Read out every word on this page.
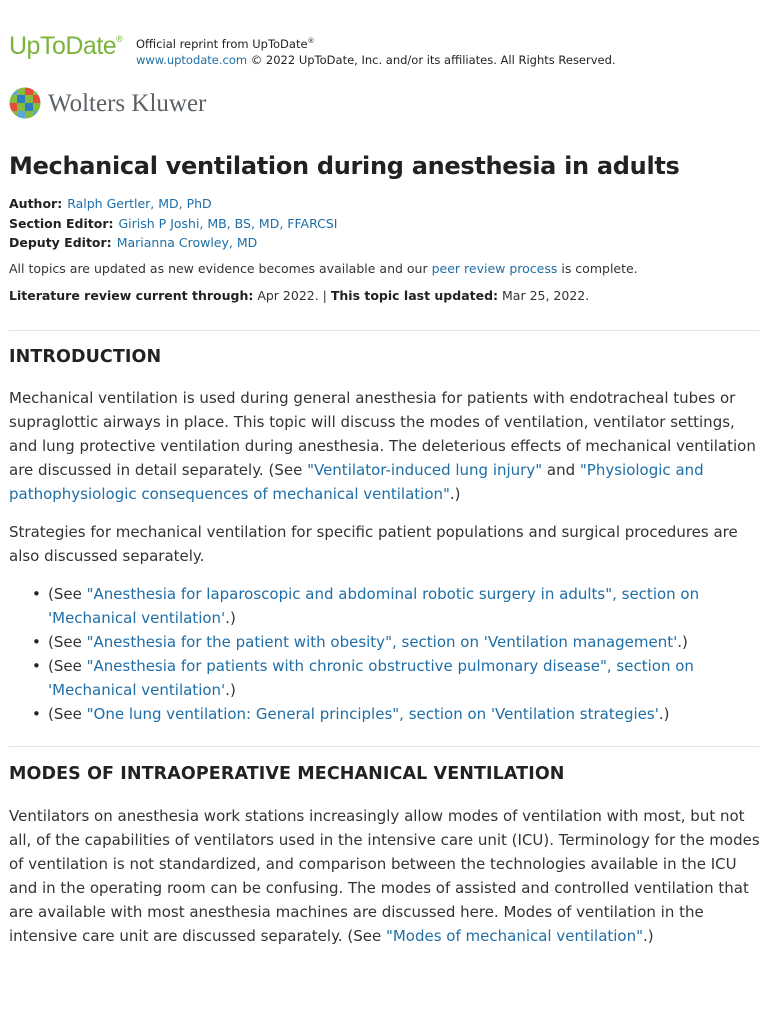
UpToDate® Official reprint from UpToDate®
www.uptodate.com © 2022 UpToDate, Inc. and/or its affiliates. All Rights Reserved.
Wolters Kluwer
Mechanical ventilation during anesthesia in adults
Author: Ralph Gertler, MD, PhD
Section Editor: Girish P Joshi, MB, BS, MD, FFARCSI
Deputy Editor: Marianna Crowley, MD
All topics are updated as new evidence becomes available and our peer review process is complete.
Literature review current through: Apr 2022. | This topic last updated: Mar 25, 2022.
INTRODUCTION

Mechanical ventilation is used during general anesthesia for patients with endotracheal tubes or supraglottic airways in place. This topic will discuss the modes of ventilation, ventilator settings, and lung protective ventilation during anesthesia. The deleterious effects of mechanical ventilation are discussed in detail separately. (See "Ventilator-induced lung injury" and "Physiologic and pathophysiologic consequences of mechanical ventilation".)

Strategies for mechanical ventilation for specific patient populations and surgical procedures are also discussed separately.

• (See "Anesthesia for laparoscopic and abdominal robotic surgery in adults", section on 'Mechanical ventilation'.)
• (See "Anesthesia for the patient with obesity", section on 'Ventilation management'.)
• (See "Anesthesia for patients with chronic obstructive pulmonary disease", section on 'Mechanical ventilation'.)
• (See "One lung ventilation: General principles", section on 'Ventilation strategies'.)
MODES OF INTRAOPERATIVE MECHANICAL VENTILATION

Ventilators on anesthesia work stations increasingly allow modes of ventilation with most, but not all, of the capabilities of ventilators used in the intensive care unit (ICU). Terminology for the modes of ventilation is not standardized, and comparison between the technologies available in the ICU and in the operating room can be confusing. The modes of assisted and controlled ventilation that are available with most anesthesia machines are discussed here. Modes of ventilation in the intensive care unit are discussed separately. (See "Modes of mechanical ventilation".)
